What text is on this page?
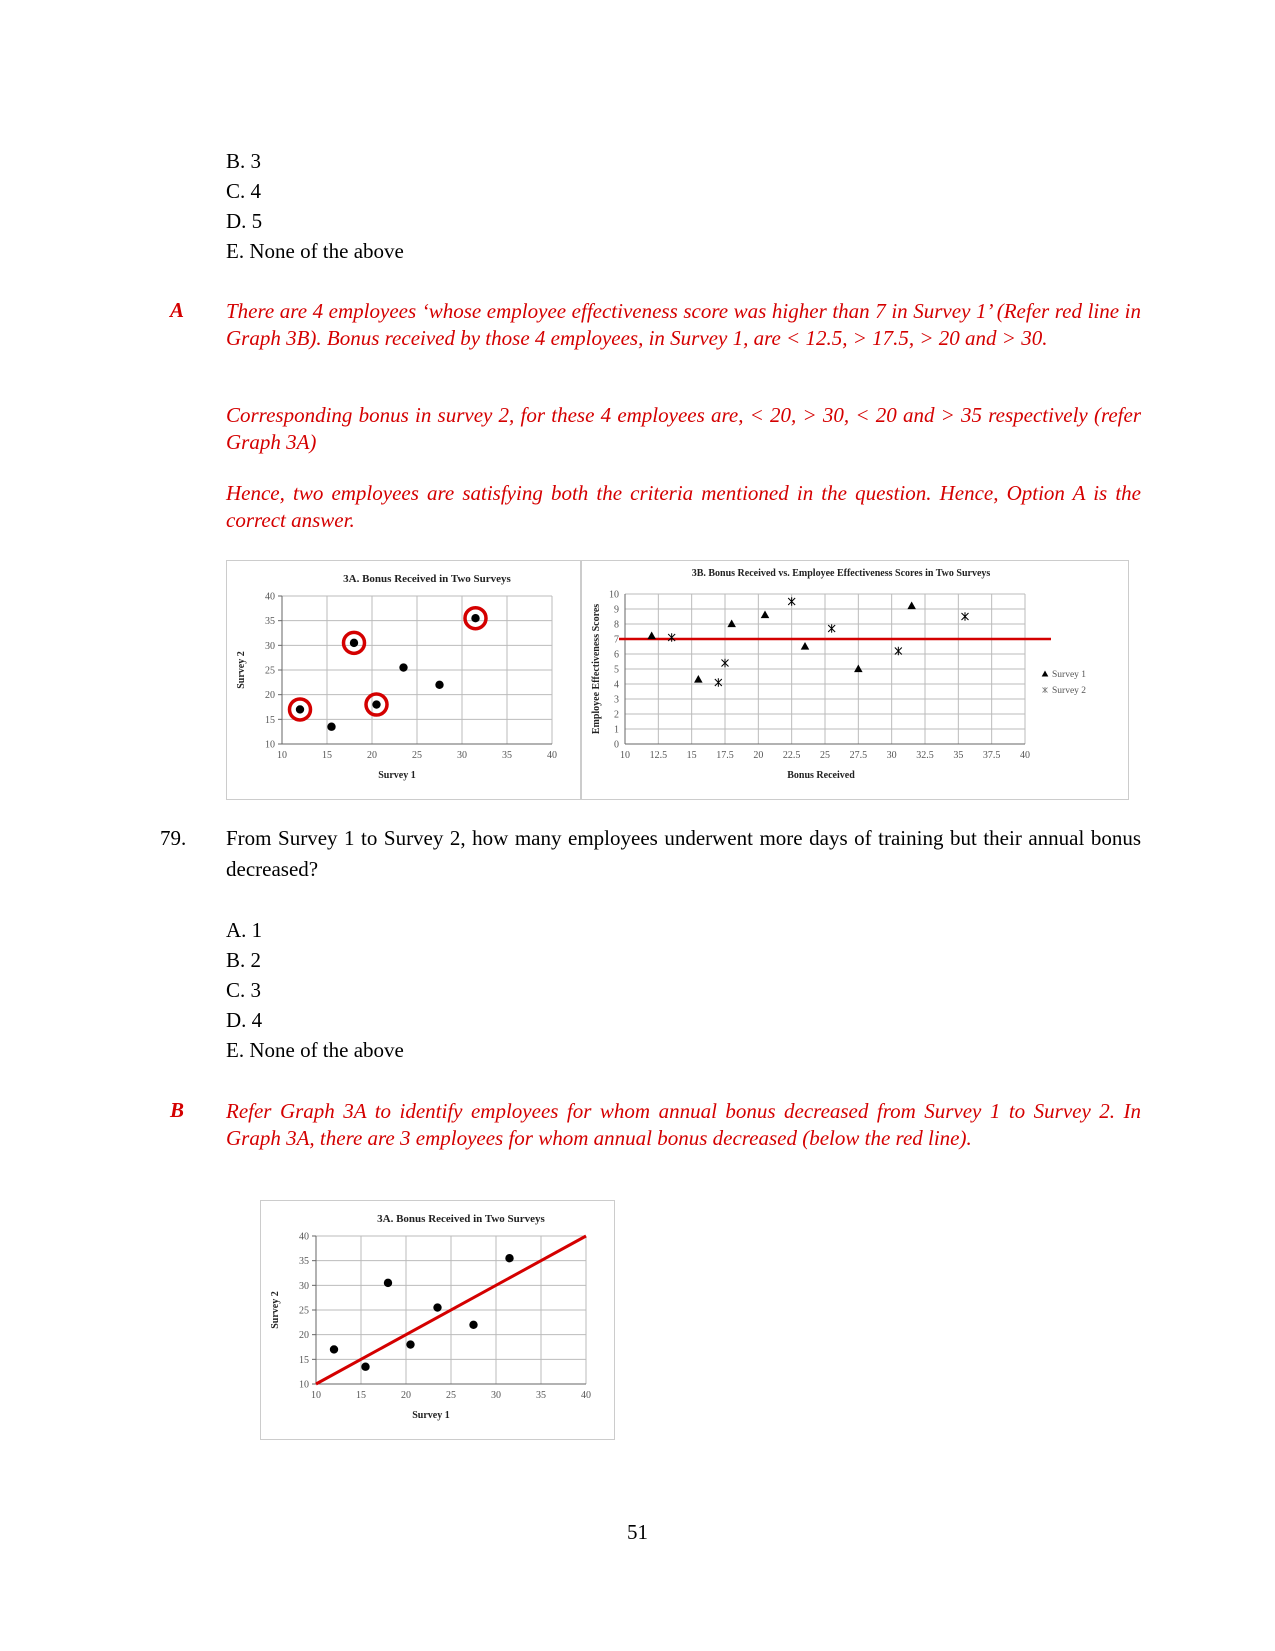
B. 3
C. 4
D. 5
E. None of the above
A There are 4 employees ‘whose employee effectiveness score was higher than 7 in Survey 1’ (Refer red line in Graph 3B). Bonus received by those 4 employees, in Survey 1, are < 12.5, > 17.5, > 20 and > 30.
Corresponding bonus in survey 2, for these 4 employees are, < 20, > 30, < 20 and > 35 respectively (refer Graph 3A)
Hence, two employees are satisfying both the criteria mentioned in the question. Hence, Option A is the correct answer.
3A. Bonus Received in Two Surveys
10	15	20	25	30	35	40
10
15
20
25
30
35
40
Survey 1
Survey 2
3B. Bonus Received vs. Employee Effectiveness Scores in Two Surveys
10 12.5 15 17.5 20 22.5 25 27.5 30 32.5 35 37.5 40
0
1
2
3
4
5
6
7
8
9
10
Bonus Received
Employee Effectiveness Scores	Survey 1
Survey 2
79. From Survey 1 to Survey 2, how many employees underwent more days of training but their annual bonus decreased?
A. 1
B. 2
C. 3
D. 4
E. None of the above
B Refer Graph 3A to identify employees for whom annual bonus decreased from Survey 1 to Survey 2. In Graph 3A, there are 3 employees for whom annual bonus decreased (below the red line).
3A. Bonus Received in Two Surveys
10	15	20	25	30	35	40
10
15
20
25
30
35
40
Survey 1
Survey 2
51
